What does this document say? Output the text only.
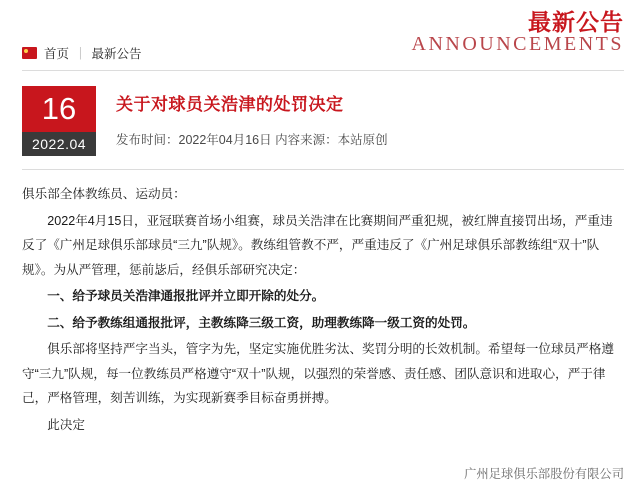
最新公告
ANNOUNCEMENTS
首页 ｜ 最新公告
16
2022.04
关于对球员关浩津的处罚决定
发布时间：2022年04月16日 内容来源：本站原创

俱乐部全体教练员、运动员：

2022年4月15日，亚冠联赛首场小组赛，球员关浩津在比赛期间严重犯规，被红牌直接罚出场，严重违反了《广州足球俱乐部球员“三九”队规》。教练组管教不严，严重违反了《广州足球俱乐部教练组“双十”队规》。为从严管理，惩前毖后，经俱乐部研究决定：

一、给予球员关浩津通报批评并立即开除的处分。

二、给予教练组通报批评，主教练降三级工资，助理教练降一级工资的处罚。

俱乐部将坚持严字当头，管字为先，坚定实施优胜劣汰、奖罚分明的长效机制。希望每一位球员严格遵守“三九”队规，每一位教练员严格遵守“双十”队规，以强烈的荣誉感、责任感、团队意识和进取心，严于律己，严格管理，刻苦训练，为实现新赛季目标奋勇拼搏。

此决定

广州足球俱乐部股份有限公司
